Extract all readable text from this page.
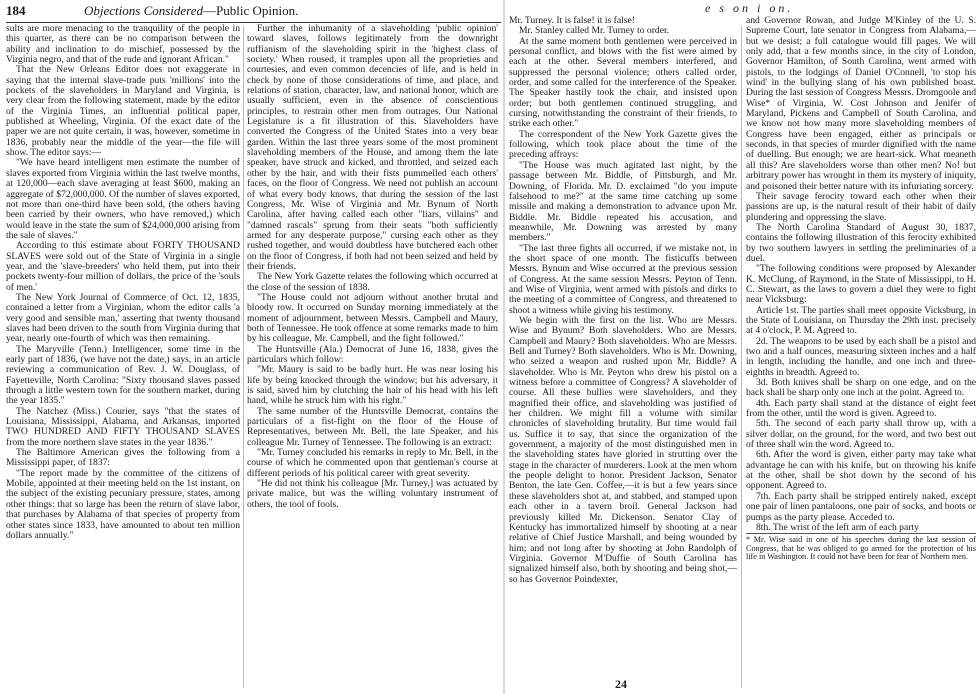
184	Objections Considered—Public Opinion.

sults are more menacing to the tranquility of the people in this quarter, as there can be no comparison between the ability and inclination to do mischief, possessed by the Virginia negro, and that of the rude and ignorant African."

That the New Orleans Editor does not exaggerate in saying that the internal slave-trade puts 'millions' into the pockets of the slaveholders in Maryland and Virginia, is very clear from the following statement, made by the editor of the Virginia Times, an influential political paper, published at Wheeling, Virginia. Of the exact date of the paper we are not quite certain, it was, however, sometime in 1836, probably near the middle of the year—the file will show. The editor says:—

"We have heard intelligent men estimate the number of slaves exported from Virginia within the last twelve months, at 120,000—each slave averaging at least $600, making an aggregate of $72,000,000. Of the number of slaves exported, not more than one-third have been sold, (the others having been carried by their owners, who have removed,) which would leave in the state the sum of $24,000,000 arising from the sale of slaves."

According to this estimate about FORTY THOUSAND SLAVES were sold out of the State of Virginia in a single year, and the 'slave-breeders' who held them, put into their pockets twenty-four million of dollars, the price of the 'souls of men.'

The New York Journal of Commerce of Oct. 12, 1835, contained a letter from a Virginian, whom the editor calls 'a very good and sensible man,' asserting that twenty thousand slaves had been driven to the south from Virginia during that year, nearly one-fourth of which was then remaining.

The Maryville (Tenn.) Intelligencer, some time in the early part of 1836, (we have not the date,) says, in an article reviewing a communication of Rev. J. W. Douglass, of Fayetteville, North Carolina: "Sixty thousand slaves passed through a little western town for the southern market, during the year 1835."

The Natchez (Miss.) Courier, says "that the states of Louisiana, Mississippi, Alabama, and Arkansas, imported TWO HUNDRED AND FIFTY THOUSAND SLAVES from the more northern slave states in the year 1836."

The Baltimore American gives the following from a Mississippi paper, of 1837:

"The report made by the committee of the citizens of Mobile, appointed at their meeting held on the 1st instant, on the subject of the existing pecuniary pressure, states, among other things: that so large has been the return of slave labor, that purchases by Alabama of that species of property from other states since 1833, have amounted to about ten million dollars annually."

Further the inhumanity of a slaveholding 'public opinion' toward slaves, follows legitimately from the downright ruffianism of the slaveholding spirit in the 'highest class of society.' When roused, it tramples upon all the proprieties and courtesies, and even common decencies of life, and is held in check by none of those considerations of time, and place, and relations of station, character, law, and national honor, which are usually sufficient, even in the absence of conscientious principles, to restrain other men from outrages. Our National Legislature is a fit illustration of this. Slaveholders have converted the Congress of the United States into a very bear garden. Within the last three years some of the most prominent slaveholding members of the House, and among them the late speaker, have struck and kicked, and throttled, and seized each other by the hair, and with their fists pummelled each others' faces, on the floor of Congress. We need not publish an account of what every body knows, that during the session of the last Congress, Mr. Wise of Virginia and Mr. Bynum of North Carolina, after having called each other "liars, villains" and "damned rascals" sprung from their seats "both sufficiently armed for any desperate purpose," cursing each other as they rushed together, and would doubtless have butchered each other on the floor of Congress, if both had not been seized and held by their friends.

The New York Gazette relates the following which occurred at the close of the session of 1838.

"The House could not adjourn without another brutal and bloody row. It occurred on Sunday morning immediately at the moment of adjournment, between Messrs. Campbell and Maury, both of Tennessee. He took offence at some remarks made to him by his colleague, Mr. Campbell, and the fight followed."

The Huntsville (Ala.) Democrat of June 16, 1838, gives the particulars which follow:

"Mr. Maury is said to be badly hurt. He was near losing his life by being knocked through the window; but his adversary, it is said, saved him by clutching the hair of his head with his left hand, while he struck him with his right."

The same number of the Huntsville Democrat, contains the particulars of a fist-fight on the floor of the House of Representatives, between Mr. Bell, the late Speaker, and his colleague Mr. Turney of Tennessee. The following is an extract:

"Mr. Turney concluded his remarks in reply to Mr. Bell, in the course of which he commented upon that gentleman's course at different periods of his political career with great severity.

"He did not think his colleague [Mr. Turney,] was actuated by private malice, but was the willing voluntary instrument of others, the tool of fools.

e s on i on.

Mr. Turney. It is false! it is false!

Mr. Stanley called Mr. Turney to order.

At the same moment both gentlemen were perceived in personal conflict, and blows with the fist were aimed by each at the other. Several members interfered, and suppressed the personal violence; others called order, order, and some called for the interference of the Speaker. The Speaker hastily took the chair, and insisted upon order; but both gentlemen continued struggling, and cursing, notwithstanding the constraint of their friends, to strike each other."

The correspondent of the New York Gazette gives the following, which took place about the time of the preceding affrays:

"The House was much agitated last night, by the passage between Mr. Biddle, of Pittsburgh, and Mr. Downing, of Florida. Mr. D. exclaimed "do you impute falsehood to me?" at the same time catching up some missile and making a demonstration to advance upon Mr. Biddle. Mr. Biddle repeated his accusation, and meanwhile, Mr. Downing was arrested by many members."

"The last three fights all occurred, if we mistake not, in the short space of one month. The fisticuffs between Messrs. Bynum and Wise occurred at the previous session of Congress. At the same session Messrs. Peyton of Tenn. and Wise of Virginia, went armed with pistols and dirks to the meeting of a committee of Congress, and threatened to shoot a witness while giving his testimony.

We begin with the first on the list. Who are Messrs. Wise and Bynum? Both slaveholders. Who are Messrs. Campbell and Maury? Both slaveholders. Who are Messrs. Bell and Turney? Both slaveholders. Who is Mr. Downing, who seized a weapon and rushed upon Mr. Biddle? A slaveholder. Who is Mr. Peyton who drew his pistol on a witness before a committee of Congress? A slaveholder of course. All these bullies were slaveholders, and they magnified their office, and slaveholding was justified of her children. We might fill a volume with similar chronicles of slaveholding brutality. But time would fail us. Suffice it to say, that since the organization of the government, a majority of the most distinguished men in the slaveholding states have gloried in strutting over the stage in the character of murderers. Look at the men whom the people delight to honor. President Jackson, Senator Benton, the late Gen. Coffee,—it is but a few years since these slaveholders shot at, and stabbed, and stamped upon each other in a tavern broil. General Jackson had previously killed Mr. Dickenson. Senator Clay of Kentucky has immortalized himself by shooting at a near relative of Chief Justice Marshall, and being wounded by him; and not long after by shooting at John Randolph of Virginia. Governor M'Duffie of South Carolina has signalized himself also, both by shooting and being shot,—so has Governor Poindexter,

24

and Governor Rowan, and Judge M'Kinley of the U. S. Supreme Court, late senator in Congress from Alabama,—but we desist; a full catalogue would fill pages. We will only add, that a few months since, in the city of London, Governor Hamilton, of South Carolina, went armed with pistols, to the lodgings of Daniel O'Connell, 'to stop his wind' in the bullying slang of his own published boast. During the last session of Congress Messrs. Dromgoole and Wise* of Virginia, W. Cost Johnson and Jenifer of Maryland, Pickens and Campbell of South Carolina, and we know not how many more slaveholding members of Congress have been engaged, either as principals or seconds, in that species of murder dignified with the name of duelling. But enough; we are heart-sick. What meaneth all this? Are slaveholders worse than other men? No! but arbitrary power has wrought in them its mystery of iniquity, and poisoned their better nature with its infuriating sorcery.

Their savage ferocity toward each other when their passions are up, is the natural result of their habit of daily plundering and oppressing the slave.

The North Carolina Standard of August 30, 1837, contains the following illustration of this ferocity exhibited by two southern lawyers in settling the preliminaries of a duel.

"The following conditions were proposed by Alexander K. McClung, of Raymond, in the State of Mississippi, to H. C. Stewart, as the laws to govern a duel they were to fight near Vicksburg:

Article 1st. The parties shall meet opposite Vicksburg, in the State of Louisiana, on Thursday the 29th inst. precisely at 4 o'clock, P. M. Agreed to.

2d. The weapons to be used by each shall be a pistol and two and a half ounces, measuring sixteen inches and a half in length, including the handle, and one inch and three-eighths in breadth. Agreed to.

3d. Both knives shall be sharp on one edge, and on the back shall be sharp only one inch at the point. Agreed to.

4th. Each party shall stand at the distance of eight feet from the other, until the word is given. Agreed to.

5th. The second of each party shall throw up, with a silver dollar, on the ground, for the word, and two best out of three shall win the word. Agreed to.

6th. After the word is given, either party may take what advantage he can with his knife, but on throwing his knife at the other, shall be shot down by the second of his opponent. Agreed to.

7th. Each party shall be stripped entirely naked, except one pair of linen pantaloons, one pair of socks, and boots or pumps as the party please. Acceded to.

8th. The wrist of the left arm of each party

* Mr. Wise said in one of his speeches during the last session of Congress, that he was obliged to go armed for the protection of his life in Washington. It could not have been for fear of Northern men.
